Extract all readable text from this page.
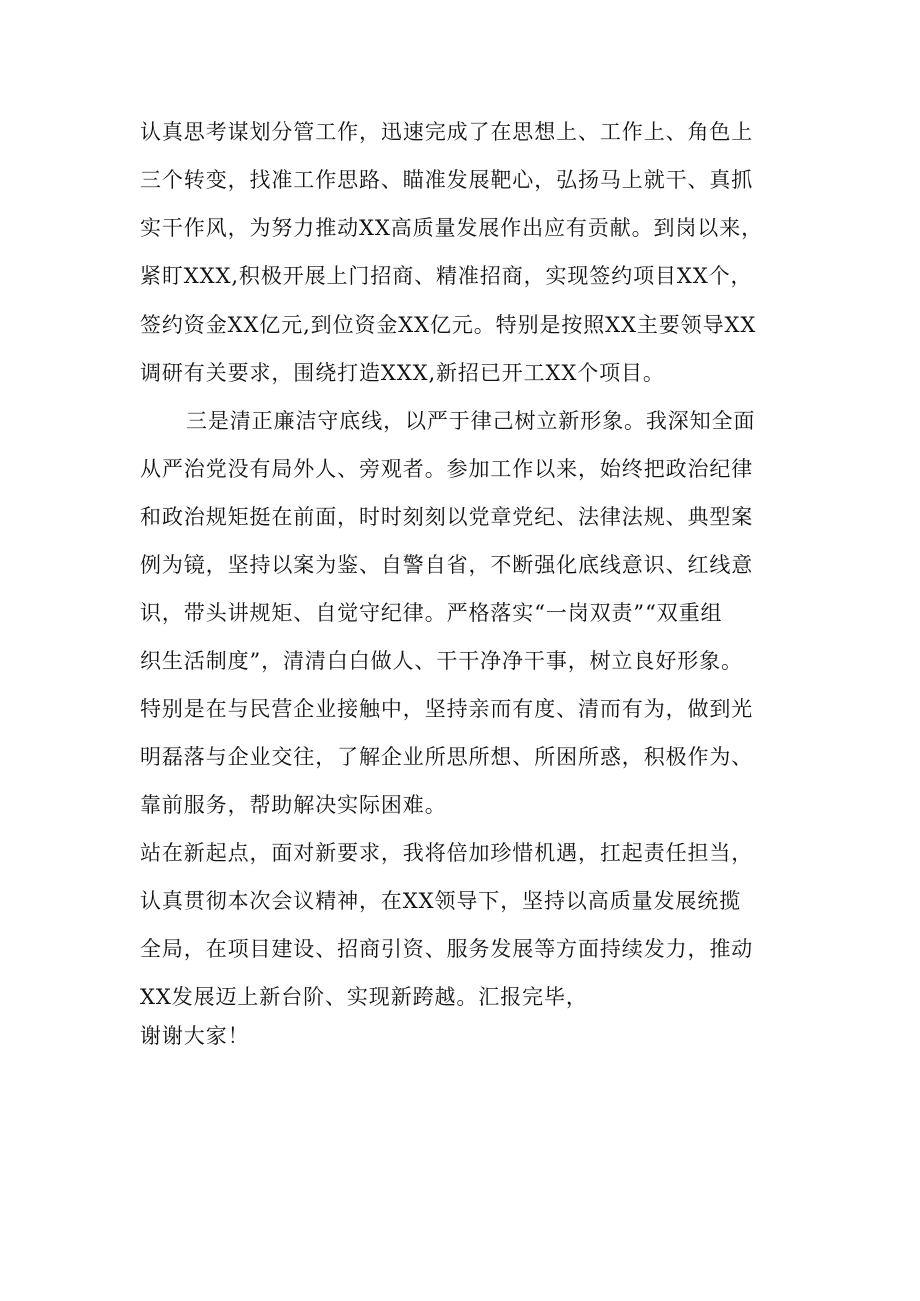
认真思考谋划分管工作，迅速完成了在思想上、工作上、角色上
三个转变，找准工作思路、瞄准发展靶心，弘扬马上就干、真抓
实干作风，为努力推动XX高质量发展作出应有贡献。到岗以来，
紧盯XXX,积极开展上门招商、精准招商，实现签约项目XX个，
签约资金XX亿元,到位资金XX亿元。特别是按照XX主要领导XX
调研有关要求，围绕打造XXX,新招已开工XX个项目。
三是清正廉洁守底线，以严于律己树立新形象。我深知全面
从严治党没有局外人、旁观者。参加工作以来，始终把政治纪律
和政治规矩挺在前面，时时刻刻以党章党纪、法律法规、典型案
例为镜，坚持以案为鉴、自警自省，不断强化底线意识、红线意
识，带头讲规矩、自觉守纪律。严格落实“一岗双责”“双重组
织生活制度”，清清白白做人、干干净净干事，树立良好形象。
特别是在与民营企业接触中，坚持亲而有度、清而有为，做到光
明磊落与企业交往，了解企业所思所想、所困所惑，积极作为、
靠前服务，帮助解决实际困难。
站在新起点，面对新要求，我将倍加珍惜机遇，扛起责任担当，
认真贯彻本次会议精神，在XX领导下，坚持以高质量发展统揽
全局，在项目建设、招商引资、服务发展等方面持续发力，推动
XX发展迈上新台阶、实现新跨越。汇报完毕，
谢谢大家！
